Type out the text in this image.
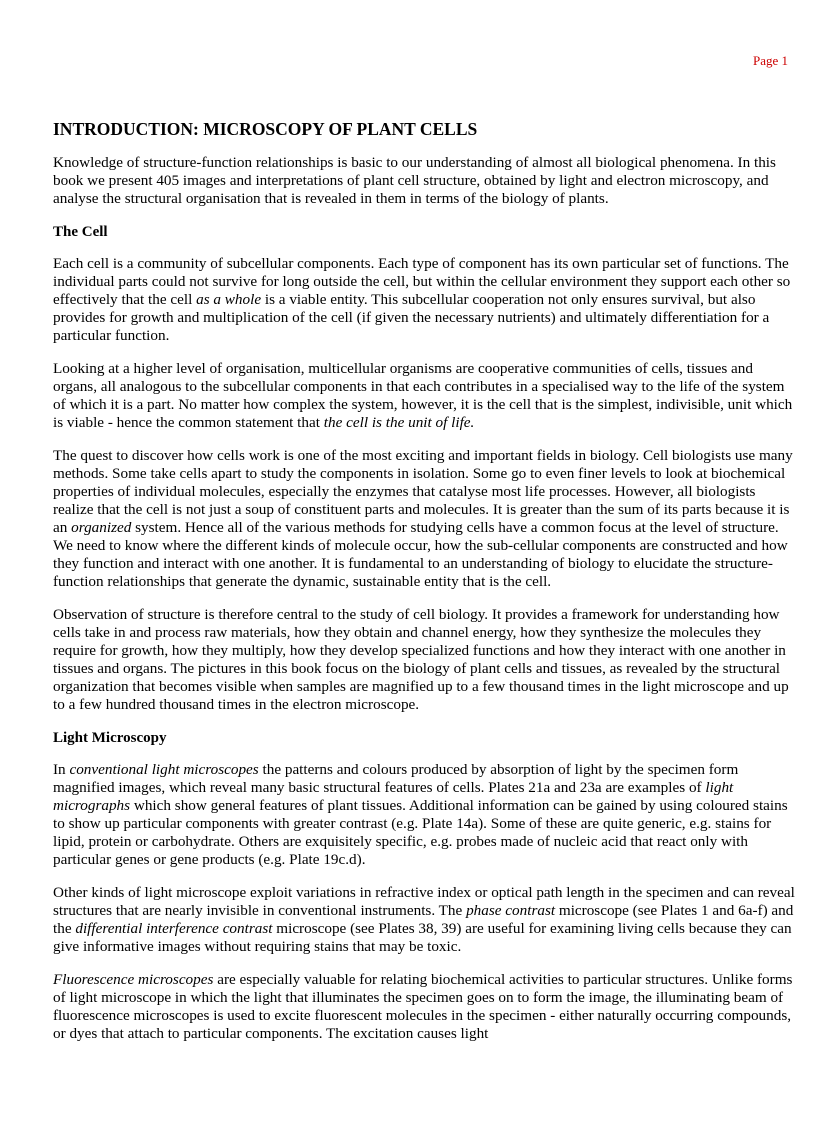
Page 1
INTRODUCTION: MICROSCOPY OF PLANT CELLS

Knowledge of structure-function relationships is basic to our understanding of almost all biological phenomena. In this book we present 405 images and interpretations of plant cell structure, obtained by light and electron microscopy, and analyse the structural organisation that is revealed in them in terms of the biology of plants.

The Cell

Each cell is a community of subcellular components. Each type of component has its own particular set of functions. The individual parts could not survive for long outside the cell, but within the cellular environment they support each other so effectively that the cell as a whole is a viable entity. This subcellular cooperation not only ensures survival, but also provides for growth and multiplication of the cell (if given the necessary nutrients) and ultimately differentiation for a particular function.

Looking at a higher level of organisation, multicellular organisms are cooperative communities of cells, tissues and organs, all analogous to the subcellular components in that each contributes in a specialised way to the life of the system of which it is a part. No matter how complex the system, however, it is the cell that is the simplest, indivisible, unit which is viable - hence the common statement that the cell is the unit of life.

The quest to discover how cells work is one of the most exciting and important fields in biology. Cell biologists use many methods. Some take cells apart to study the components in isolation. Some go to even finer levels to look at biochemical properties of individual molecules, especially the enzymes that catalyse most life processes. However, all biologists realize that the cell is not just a soup of constituent parts and molecules. It is greater than the sum of its parts because it is an organized system. Hence all of the various methods for studying cells have a common focus at the level of structure. We need to know where the different kinds of molecule occur, how the sub-cellular components are constructed and how they function and interact with one another. It is fundamental to an understanding of biology to elucidate the structure-function relationships that generate the dynamic, sustainable entity that is the cell.

Observation of structure is therefore central to the study of cell biology. It provides a framework for understanding how cells take in and process raw materials, how they obtain and channel energy, how they synthesize the molecules they require for growth, how they multiply, how they develop specialized functions and how they interact with one another in tissues and organs. The pictures in this book focus on the biology of plant cells and tissues, as revealed by the structural organization that becomes visible when samples are magnified up to a few thousand times in the light microscope and up to a few hundred thousand times in the electron microscope.

Light Microscopy

In conventional light microscopes the patterns and colours produced by absorption of light by the specimen form magnified images, which reveal many basic structural features of cells. Plates 21a and 23a are examples of light micrographs which show general features of plant tissues. Additional information can be gained by using coloured stains to show up particular components with greater contrast (e.g. Plate 14a). Some of these are quite generic, e.g. stains for lipid, protein or carbohydrate. Others are exquisitely specific, e.g. probes made of nucleic acid that react only with particular genes or gene products (e.g. Plate 19c.d).

Other kinds of light microscope exploit variations in refractive index or optical path length in the specimen and can reveal structures that are nearly invisible in conventional instruments. The phase contrast microscope (see Plates 1 and 6a-f) and the differential interference contrast microscope (see Plates 38, 39) are useful for examining living cells because they can give informative images without requiring stains that may be toxic.

Fluorescence microscopes are especially valuable for relating biochemical activities to particular structures. Unlike forms of light microscope in which the light that illuminates the specimen goes on to form the image, the illuminating beam of fluorescence microscopes is used to excite fluorescent molecules in the specimen - either naturally occurring compounds, or dyes that attach to particular components. The excitation causes light
